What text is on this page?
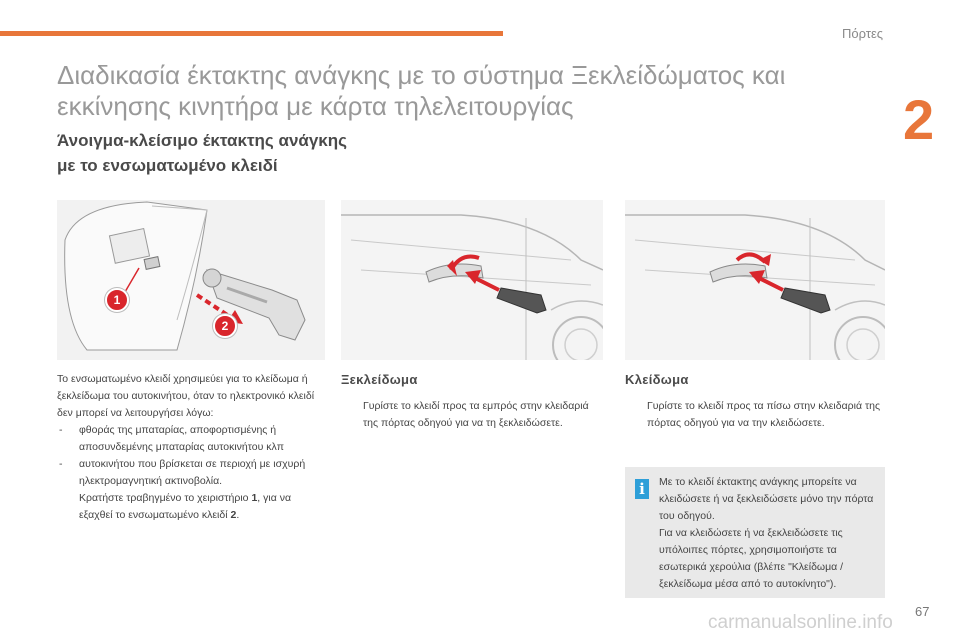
Πόρτες
2
Διαδικασία έκτακτης ανάγκης με το σύστημα Ξεκλείδώματος και
εκκίνησης κινητήρα με κάρτα τηλελειτουργίας
Άνοιγμα-κλείσιμο έκτακτης ανάγκης
με το ενσωματωμένο κλειδί
1
2

Το ενσωματωμένο κλειδί χρησιμεύει για το κλείδωμα ή ξεκλείδωμα του αυτοκινήτου, όταν το ηλεκτρονικό κλειδί δεν μπορεί να λειτουργήσει λόγω:

- φθοράς της μπαταρίας, αποφορτισμένης ή αποσυνδεμένης μπαταρίας αυτοκινήτου κλπ
- αυτοκινήτου που βρίσκεται σε περιοχή με ισχυρή ηλεκτρομαγνητική ακτινοβολία.
Κρατήστε τραβηγμένο το χειριστήριο 1, για να εξαχθεί το ενσωματωμένο κλειδί 2.
Ξεκλείδωμα
Γυρίστε το κλειδί προς τα εμπρός στην κλειδαριά της πόρτας οδηγού για να τη ξεκλειδώσετε.
Κλείδωμα
Γυρίστε το κλειδί προς τα πίσω στην κλειδαριά της πόρτας οδηγού για να την κλειδώσετε.
i	Με το κλειδί έκτακτης ανάγκης μπορείτε να κλειδώσετε ή να ξεκλειδώσετε μόνο την πόρτα του οδηγού.

Για να κλειδώσετε ή να ξεκλειδώσετε τις υπόλοιπες πόρτες, χρησιμοποιήστε τα εσωτερικά χερούλια (βλέπε "Κλείδωμα / ξεκλείδωμα μέσα από το αυτοκίνητο").

67
carmanualsonline.info
